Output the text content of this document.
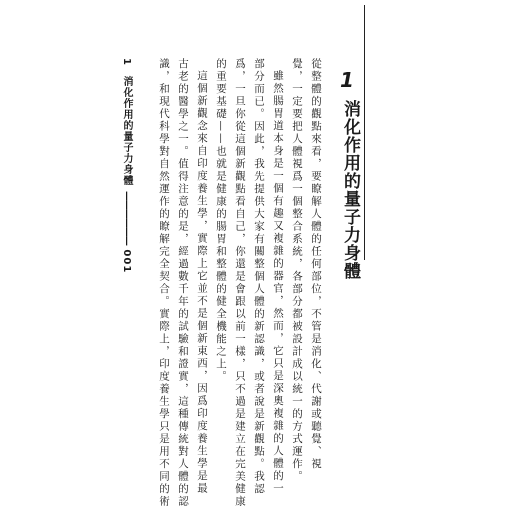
1
消化作用的量子力身體
從整體的觀點來看，要瞭解人體的任何部位，不管是消化、代謝或聽覺、視
覺，一定要把人體視爲一個整合系統，各部分都被設計成以統一的方式運作。
雖然腸胃道本身是一個有趣又複雜的器官，然而，它只是深奧複雜的人體的一
部分而已。因此，我先提供大家有關整個人體的新認識，或者說是新觀點。我認
爲，一旦你從這個新觀點看自己，你還是會跟以前一樣，只不過是建立在完美健康
的重要基礎——也就是健康的腸胃和整體的健全機能之上。
這個新觀念來自印度養生學，實際上它並不是個新東西，因爲印度養生學是最
古老的醫學之一。值得注意的是，經過數千年的試驗和證實，這種傳統對人體的認
識，和現代科學對自然運作的瞭解完全契合。實際上，印度養生學只是用不同的術
1 消化作用的量子力身體 —————— 001
